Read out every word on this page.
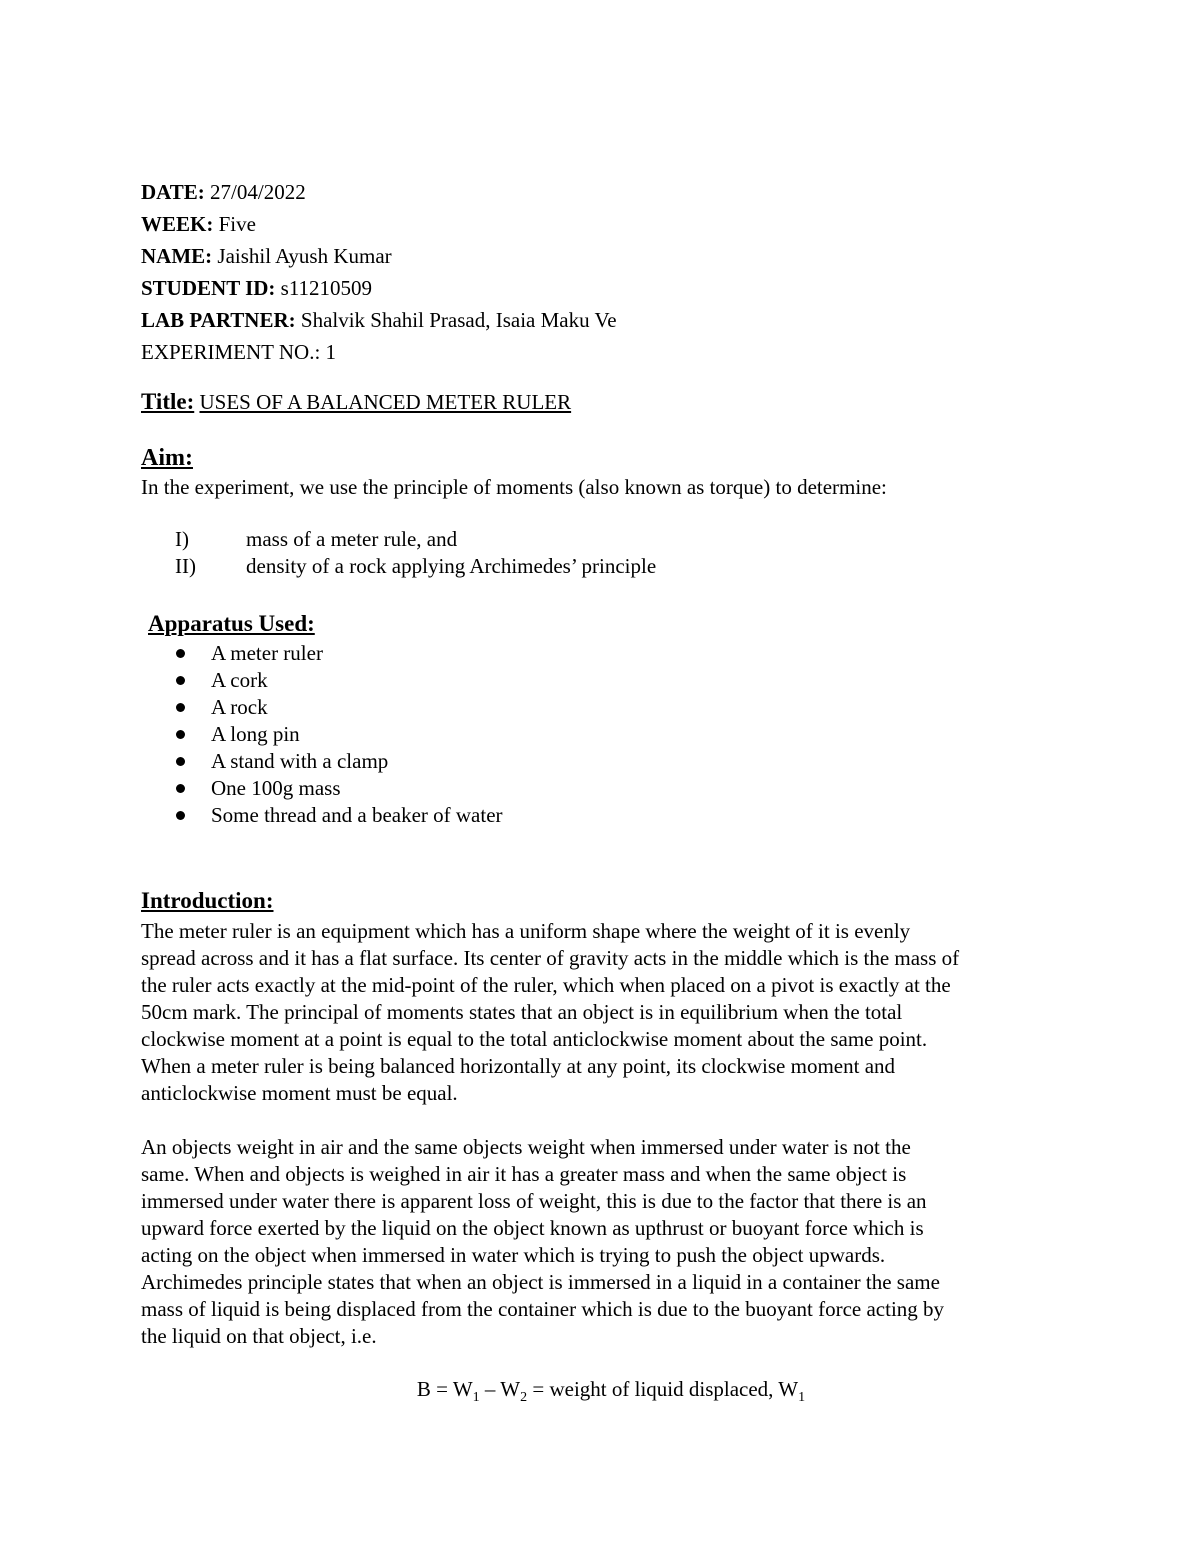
DATE: 27/04/2022
WEEK: Five
NAME: Jaishil Ayush Kumar
STUDENT ID: s11210509
LAB PARTNER: Shalvik Shahil Prasad, Isaia Maku Ve
EXPERIMENT NO.: 1
Title: USES OF A BALANCED METER RULER
Aim:
In the experiment, we use the principle of moments (also known as torque) to determine:
I)	mass of a meter rule, and
II) density of a rock applying Archimedes’ principle
Apparatus Used:
A meter ruler
A cork
A rock
A long pin
A stand with a clamp
One 100g mass
Some thread and a beaker of water
Introduction:
The meter ruler is an equipment which has a uniform shape where the weight of it is evenly
spread across and it has a flat surface. Its center of gravity acts in the middle which is the mass of
the ruler acts exactly at the mid-point of the ruler, which when placed on a pivot is exactly at the
50cm mark. The principal of moments states that an object is in equilibrium when the total
clockwise moment at a point is equal to the total anticlockwise moment about the same point.
When a meter ruler is being balanced horizontally at any point, its clockwise moment and
anticlockwise moment must be equal.
An objects weight in air and the same objects weight when immersed under water is not the
same. When and objects is weighed in air it has a greater mass and when the same object is
immersed under water there is apparent loss of weight, this is due to the factor that there is an
upward force exerted by the liquid on the object known as upthrust or buoyant force which is
acting on the object when immersed in water which is trying to push the object upwards.
Archimedes principle states that when an object is immersed in a liquid in a container the same
mass of liquid is being displaced from the container which is due to the buoyant force acting by
the liquid on that object, i.e.
$B = W_1 - W_2$ = weight of liquid displaced, $W_1$
